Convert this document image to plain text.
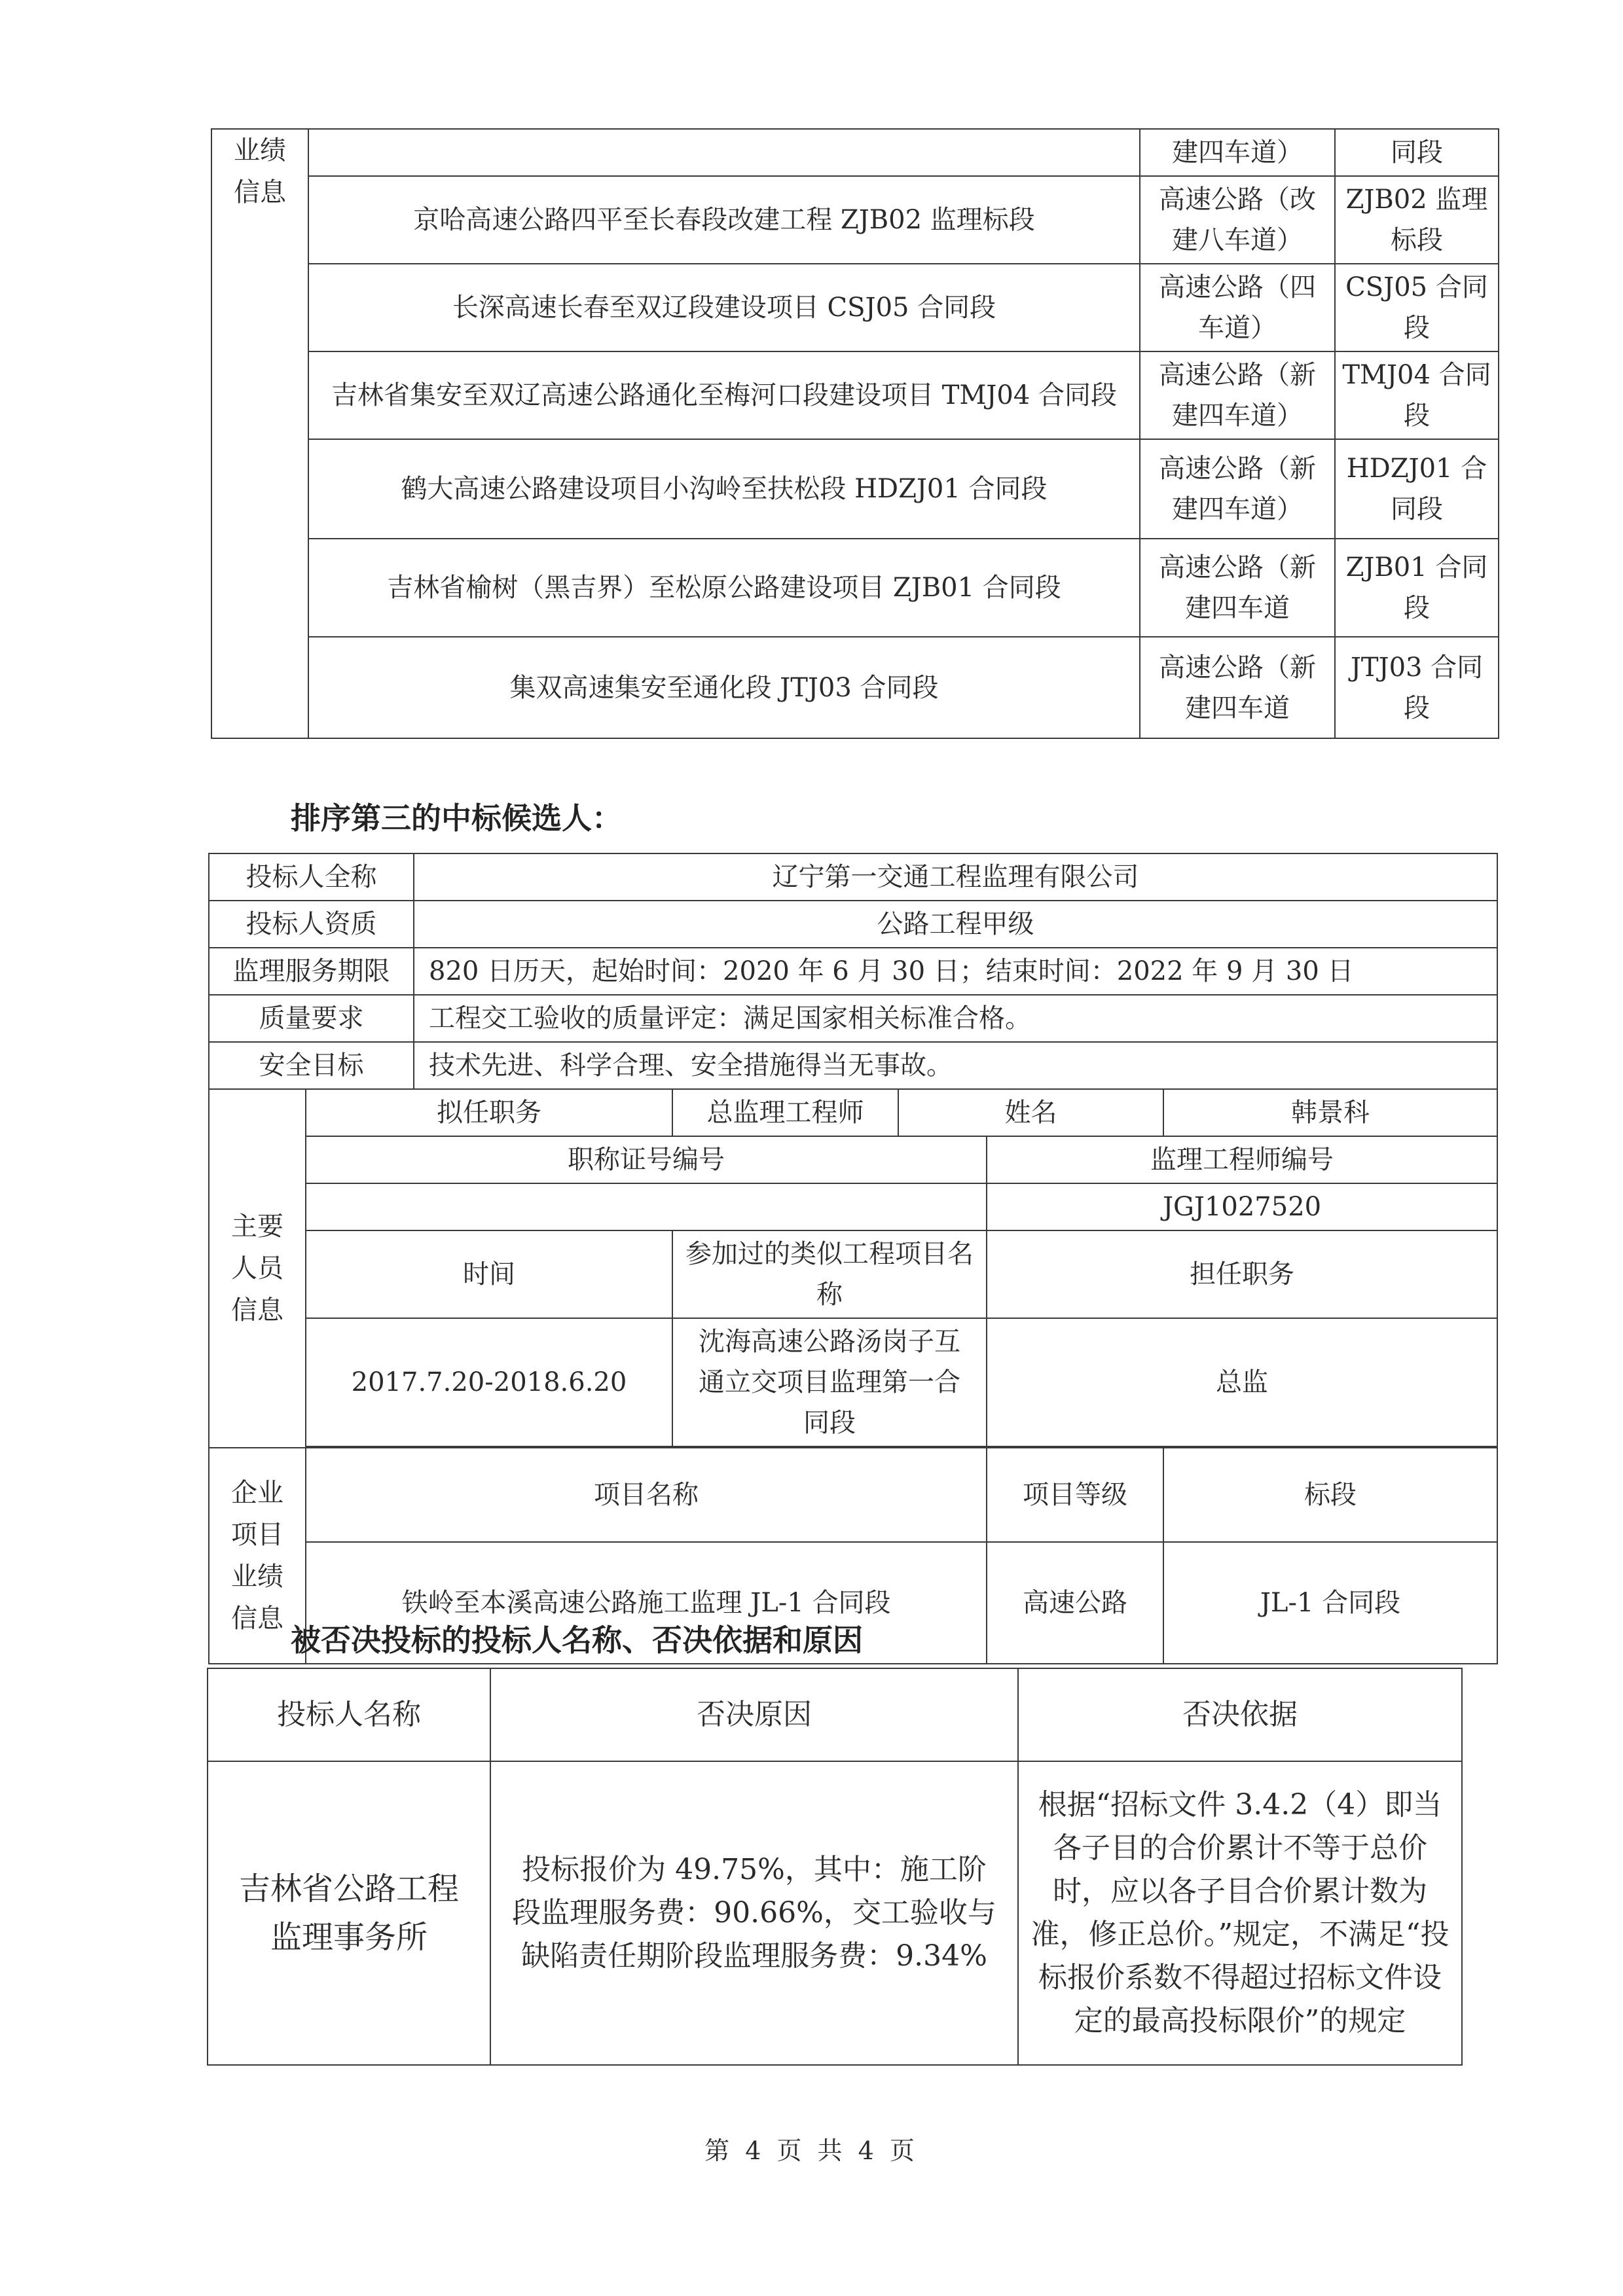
业绩
信息		建四车道）	同段
	京哈高速公路四平至长春段改建工程 ZJB02 监理标段	高速公路（改建八车道）	ZJB02 监理标段
	长深高速长春至双辽段建设项目 CSJ05 合同段	高速公路（四车道）	CSJ05 合同段
	吉林省集安至双辽高速公路通化至梅河口段建设项目 TMJ04 合同段	高速公路（新建四车道）	TMJ04 合同段
	鹤大高速公路建设项目小沟岭至扶松段 HDZJ01 合同段	高速公路（新建四车道）	HDZJ01 合同段
	吉林省榆树（黑吉界）至松原公路建设项目 ZJB01 合同段	高速公路（新建四车道	ZJB01 合同段
	集双高速集安至通化段 JTJ03 合同段	高速公路（新建四车道	JTJ03 合同段
排序第三的中标候选人：
投标人全称		辽宁第一交通工程监理有限公司				
投标人资质		公路工程甲级				
监理服务期限		820 日历天，起始时间：2020 年 6 月 30 日；结束时间：2022 年 9 月 30 日				
质量要求		工程交工验收的质量评定：满足国家相关标准合格。				
安全目标		技术先进、科学合理、安全措施得当无事故。				
主要
人员
信息	拟任职务		总监理工程师	姓名		韩景科
	职称证号编号				监理工程师编号	
					JGJ1027520	
	时间		参加过的类似工程项目名称		担任职务	
	2017.7.20-2018.6.20		沈海高速公路汤岗子互通立交项目监理第一合同段		总监	

企业
项目
业绩
信息	项目名称				项目等级	标段
	铁岭至本溪高速公路施工监理 JL-1 合同段				高速公路	JL-1 合同段
被否决投标的投标人名称、否决依据和原因
投标人名称	否决原因	否决依据
吉林省公路工程监理事务所	投标报价为 49.75%，其中：施工阶段监理服务费：90.66%，交工验收与缺陷责任期阶段监理服务费：9.34%	根据“招标文件 3.4.2（4）即当各子目的合价累计不等于总价时，应以各子目合价累计数为准，修正总价。”规定，不满足“投标报价系数不得超过招标文件设定的最高投标限价”的规定
第 4 页 共 4 页
